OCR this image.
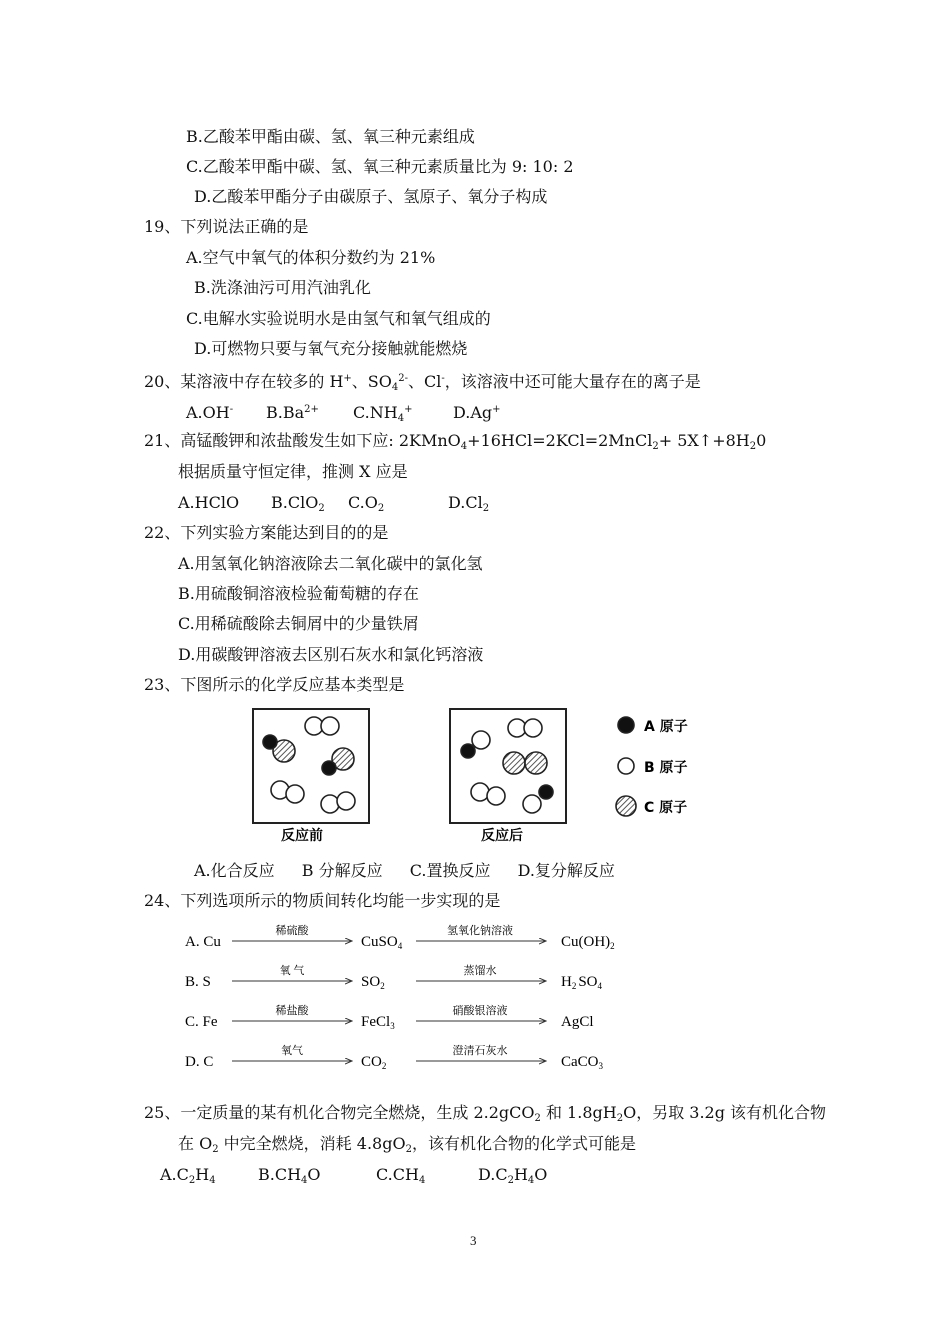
B.乙酸苯甲酯由碳、氢、氧三种元素组成
C.乙酸苯甲酯中碳、氢、氧三种元素质量比为 9: 10: 2
D.乙酸苯甲酯分子由碳原子、氢原子、氧分子构成
19、下列说法正确的是
A.空气中氧气的体积分数约为 21%
B.洗涤油污可用汽油乳化
C.电解水实验说明水是由氢气和氧气组成的
D.可燃物只要与氧气充分接触就能燃烧
20、某溶液中存在较多的 H+、$SO_4^{2-}$、Cl-，该溶液中还可能大量存在的离子是
A.OH- $B.Ba^{2+}$ $C.NH_4^+$	D.Ag+
21、高锰酸钾和浓盐酸发生如下应: 2KMnO$_4$+16HCl=2KCl=2MnCl$_2$+ $5X↑+8H_20$
根据质量守恒定律，推测 X 应是
A.HClO B.ClO$_2$ $C.O_2$	$D.Cl_2$
22、下列实验方案能达到目的的是
A.用氢氧化钠溶液除去二氧化碳中的氯化氢
B.用硫酸铜溶液检验葡萄糖的存在
C.用稀硫酸除去铜屑中的少量铁屑
D.用碳酸钾溶液去区别石灰水和氯化钙溶液
23、下图所示的化学反应基本类型是
反应前	反应后
A 原子
B 原子
C 原子
A.化合反应 B 分解反应 C.置换反应 D.复分解反应
24、下列选项所示的物质间转化均能一步实现的是
A. Cu
稀硫酸
CuSO$_4$
氢氧化钠溶液
$Cu(OH)_2$
B. S
氧 气
$SO_2$
蒸馏水
$H_2$ $SO_4$
C. Fe
稀盐酸
FeCl$_3$
硝酸银溶液
AgCl
D. C
氧气
$CO_2$
澄清石灰水
CaCO$_3$
25、一定质量的某有机化合物完全燃烧，生成 2.2gCO$_2$ 和 $1.8gH_2O$，另取 3.2g 该有机化合物
在 $O_2$ 中完全燃烧，消耗 $4.8gO_2$，该有机化合物的化学式可能是
$A.C_2H_4$	$B.CH_4O$	$C.CH_4$	$D.C_2H_4O$
3
